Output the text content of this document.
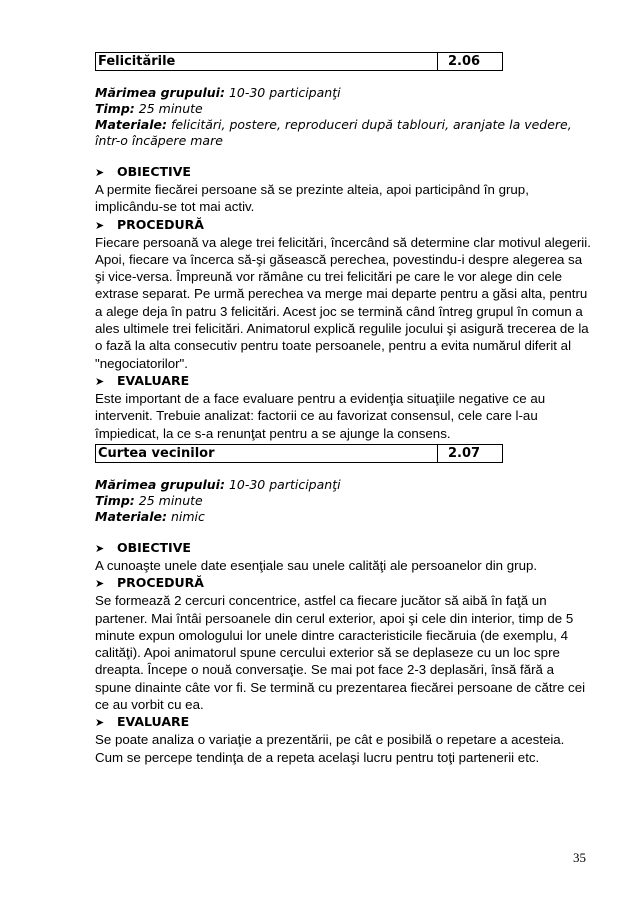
Felicitările	2.06
Mărimea grupului: 10-30 participanţi
Timp: 25 minute
Materiale: felicitări, postere, reproduceri după tablouri, aranjate la vedere, într-o încăpere mare
➤ OBIECTIVE

A permite fiecărei persoane să se prezinte alteia, apoi participând în grup, implicându-se tot mai activ.

➤ PROCEDURĂ

Fiecare persoană va alege trei felicitări, încercând să determine clar motivul alegerii. Apoi, fiecare va încerca să-şi găsească perechea, povestindu-i despre alegerea sa şi vice-versa. Împreună vor rămâne cu trei felicitări pe care le vor alege din cele extrase separat. Pe urmă perechea va merge mai departe pentru a găsi alta, pentru a alege deja în patru 3 felicitări. Acest joc se termină când întreg grupul în comun a ales ultimele trei felicitări. Animatorul explică regulile jocului şi asigură trecerea de la o fază la alta consecutiv pentru toate persoanele, pentru a evita numărul diferit al "negociatorilor".

➤ EVALUARE

Este important de a face evaluare pentru a evidenţia situaţiile negative ce au intervenit. Trebuie analizat: factorii ce au favorizat consensul, cele care l-au împiedicat, la ce s-a renunţat pentru a se ajunge la consens.

Curtea vecinilor	2.07
Mărimea grupului: 10-30 participanţi
Timp: 25 minute
Materiale: nimic
➤ OBIECTIVE

A cunoaşte unele date esenţiale sau unele calităţi ale persoanelor din grup.

➤ PROCEDURĂ

Se formează 2 cercuri concentrice, astfel ca fiecare jucător să aibă în faţă un partener. Mai întâi persoanele din cerul exterior, apoi şi cele din interior, timp de 5 minute expun omologului lor unele dintre caracteristicile fiecăruia (de exemplu, 4 calităţi). Apoi animatorul spune cercului exterior să se deplaseze cu un loc spre dreapta. Începe o nouă conversaţie. Se mai pot face 2-3 deplasări, însă fără a spune dinainte câte vor fi. Se termină cu prezentarea fiecărei persoane de către cei ce au vorbit cu ea.

➤ EVALUARE

Se poate analiza o variaţie a prezentării, pe cât e posibilă o repetare a acesteia. Cum se percepe tendinţa de a repeta acelaşi lucru pentru toţi partenerii etc.

35
